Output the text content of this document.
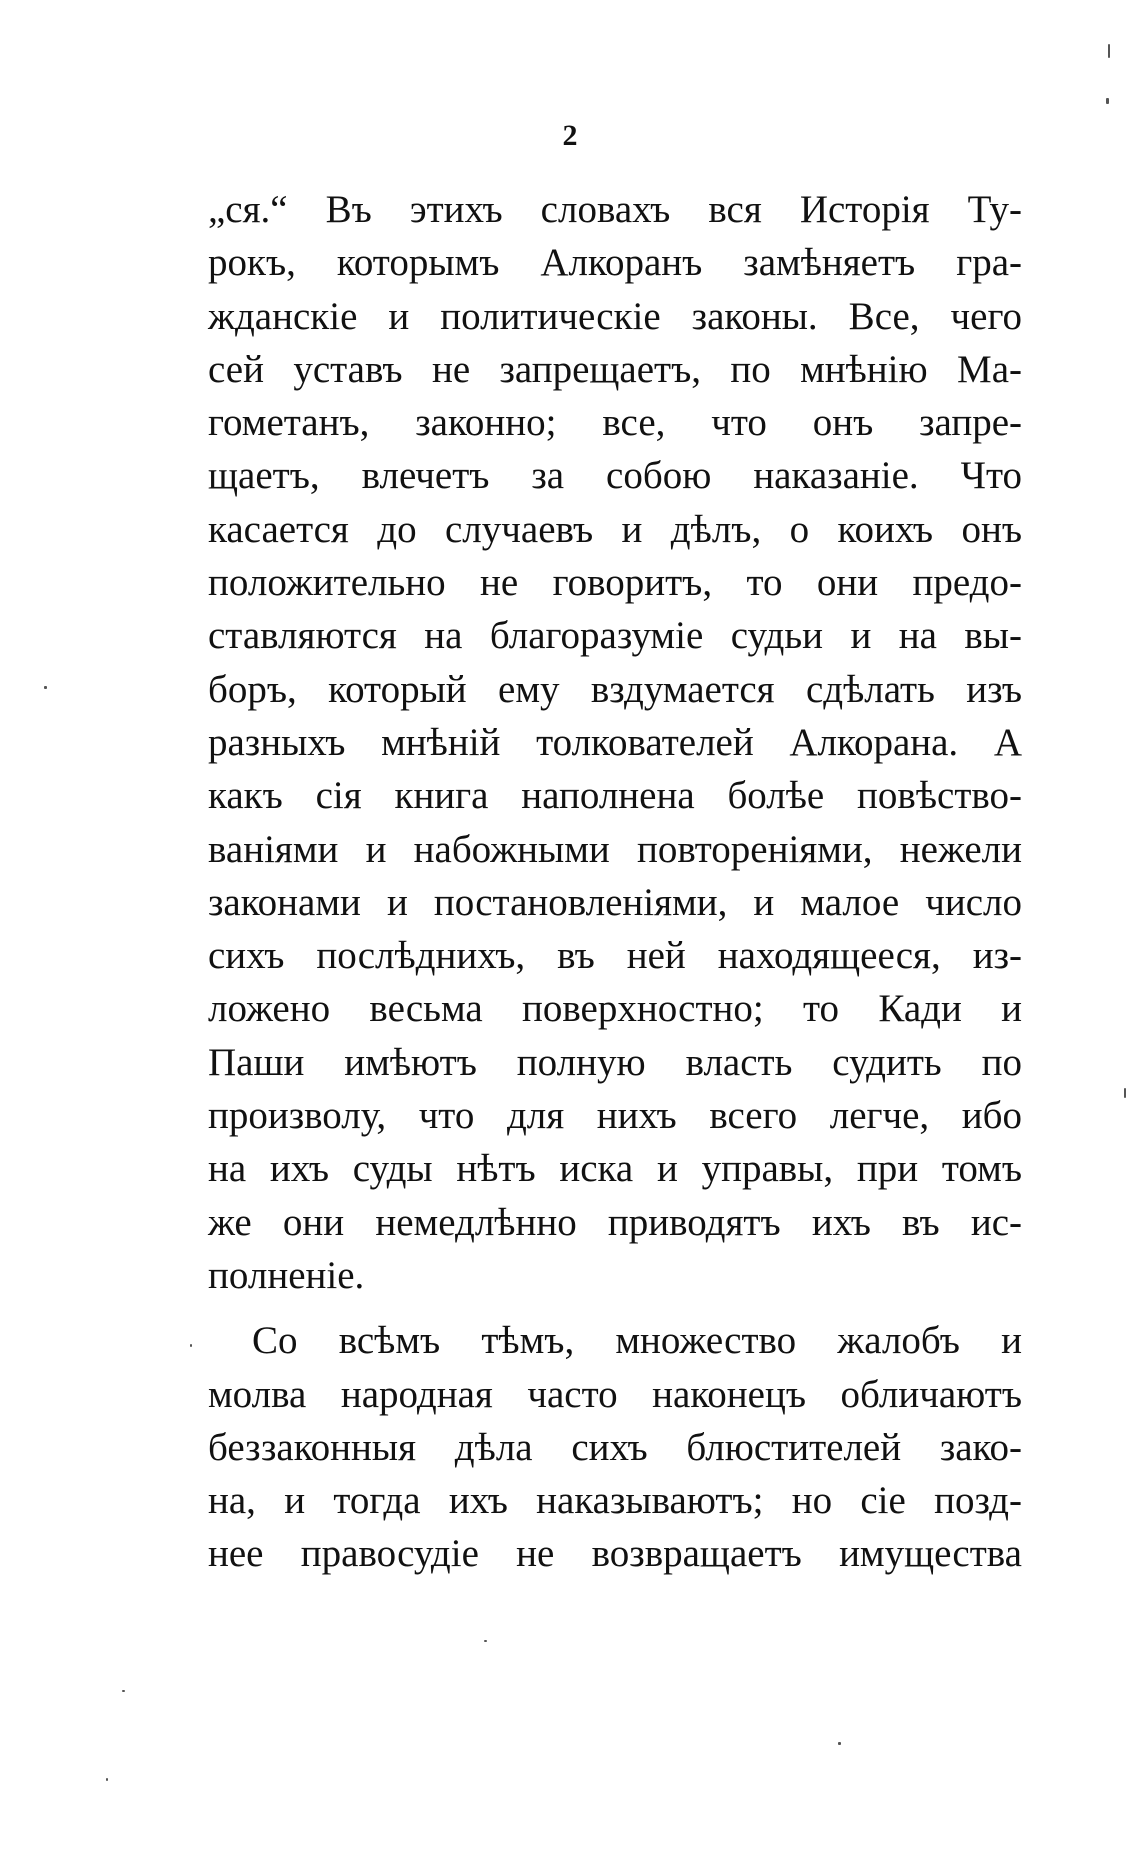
2
„ся.“ Въ этихъ словахъ вся Исторія Ту-
рокъ, которымъ Алкоранъ замѣняетъ гра-
жданскіе и политическіе законы. Все, чего
сей уставъ не запрещаетъ, по мнѣнію Ма-
гометанъ, законно; все, что онъ запре-
щаетъ, влечетъ за собою наказаніе. Что
касается до случаевъ и дѣлъ, о коихъ онъ
положительно не говоритъ, то они предо-
ставляются на благоразуміе судьи и на вы-
боръ, который ему вздумается сдѣлать изъ
разныхъ мнѣній толкователей Алкорана. А
какъ сія книга наполнена болѣе повѣство-
ваніями и набожными повтореніями, нежели
законами и постановленіями, и малое число
сихъ послѣднихъ, въ ней находящееся, из-
ложено весьма поверхностно; то Кади и
Паши имѣютъ полную власть судить по
произволу, что для нихъ всего легче, ибо
на ихъ суды нѣтъ иска и управы, при томъ
же они немедлѣнно приводятъ ихъ въ ис-
полненіе.
Со всѣмъ тѣмъ, множество жалобъ и
молва народная часто наконецъ обличаютъ
беззаконныя дѣла сихъ блюстителей зако-
на, и тогда ихъ наказываютъ; но сіе позд-
нее правосудіе не возвращаетъ имущества
